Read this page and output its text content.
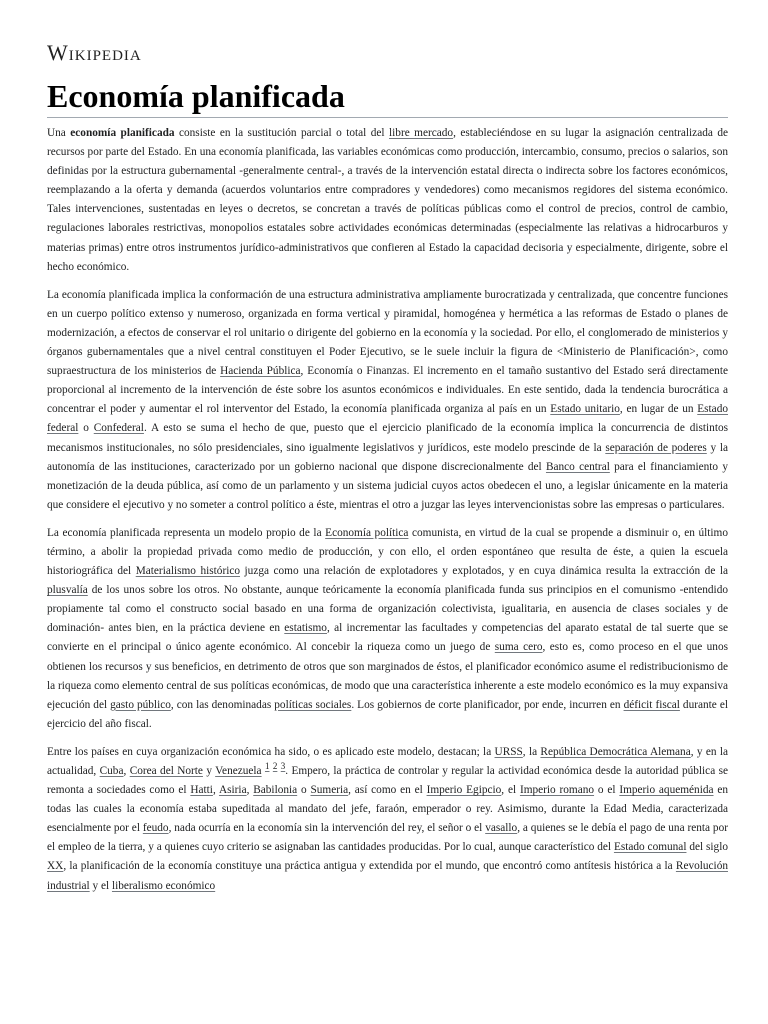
Wikipedia
Economía planificada

Una economía planificada consiste en la sustitución parcial o total del libre mercado, estableciéndose en su lugar la asignación centralizada de recursos por parte del Estado. En una economía planificada, las variables económicas como producción, intercambio, consumo, precios o salarios, son definidas por la estructura gubernamental -generalmente central-, a través de la intervención estatal directa o indirecta sobre los factores económicos, reemplazando a la oferta y demanda (acuerdos voluntarios entre compradores y vendedores) como mecanismos regidores del sistema económico. Tales intervenciones, sustentadas en leyes o decretos, se concretan a través de políticas públicas como el control de precios, control de cambio, regulaciones laborales restrictivas, monopolios estatales sobre actividades económicas determinadas (especialmente las relativas a hidrocarburos y materias primas) entre otros instrumentos jurídico-administrativos que confieren al Estado la capacidad decisoria y especialmente, dirigente, sobre el hecho económico.

La economía planificada implica la conformación de una estructura administrativa ampliamente burocratizada y centralizada, que concentre funciones en un cuerpo político extenso y numeroso, organizada en forma vertical y piramidal, homogénea y hermética a las reformas de Estado o planes de modernización, a efectos de conservar el rol unitario o dirigente del gobierno en la economía y la sociedad. Por ello, el conglomerado de ministerios y órganos gubernamentales que a nivel central constituyen el Poder Ejecutivo, se le suele incluir la figura de <Ministerio de Planificación>, como supraestructura de los ministerios de Hacienda Pública, Economía o Finanzas. El incremento en el tamaño sustantivo del Estado será directamente proporcional al incremento de la intervención de éste sobre los asuntos económicos e individuales. En este sentido, dada la tendencia burocrática a concentrar el poder y aumentar el rol interventor del Estado, la economía planificada organiza al país en un Estado unitario, en lugar de un Estado federal o Confederal. A esto se suma el hecho de que, puesto que el ejercicio planificado de la economía implica la concurrencia de distintos mecanismos institucionales, no sólo presidenciales, sino igualmente legislativos y jurídicos, este modelo prescinde de la separación de poderes y la autonomía de las instituciones, caracterizado por un gobierno nacional que dispone discrecionalmente del Banco central para el financiamiento y monetización de la deuda pública, así como de un parlamento y un sistema judicial cuyos actos obedecen el uno, a legislar únicamente en la materia que considere el ejecutivo y no someter a control político a éste, mientras el otro a juzgar las leyes intervencionistas sobre las empresas o particulares.

La economía planificada representa un modelo propio de la Economía política comunista, en virtud de la cual se propende a disminuir o, en último término, a abolir la propiedad privada como medio de producción, y con ello, el orden espontáneo que resulta de éste, a quien la escuela historiográfica del Materialismo histórico juzga como una relación de explotadores y explotados, y en cuya dinámica resulta la extracción de la plusvalía de los unos sobre los otros. No obstante, aunque teóricamente la economía planificada funda sus principios en el comunismo -entendido propiamente tal como el constructo social basado en una forma de organización colectivista, igualitaria, en ausencia de clases sociales y de dominación- antes bien, en la práctica deviene en estatismo, al incrementar las facultades y competencias del aparato estatal de tal suerte que se convierte en el principal o único agente económico. Al concebir la riqueza como un juego de suma cero, esto es, como proceso en el que unos obtienen los recursos y sus beneficios, en detrimento de otros que son marginados de éstos, el planificador económico asume el redistribucionismo de la riqueza como elemento central de sus políticas económicas, de modo que una característica inherente a este modelo económico es la muy expansiva ejecución del gasto público, con las denominadas políticas sociales. Los gobiernos de corte planificador, por ende, incurren en déficit fiscal durante el ejercicio del año fiscal.

Entre los países en cuya organización económica ha sido, o es aplicado este modelo, destacan; la URSS, la República Democrática Alemana, y en la actualidad, Cuba, Corea del Norte y Venezuela $^1$ $^2$ $^3$. Empero, la práctica de controlar y regular la actividad económica desde la autoridad pública se remonta a sociedades como el Hatti, Asiria, Babilonia o Sumeria, así como en el Imperio Egipcio, el Imperio romano o el Imperio aqueménida en todas las cuales la economía estaba supeditada al mandato del jefe, faraón, emperador o rey. Asimismo, durante la Edad Media, caracterizada esencialmente por el feudo, nada ocurría en la economía sin la intervención del rey, el señor o el vasallo, a quienes se le debía el pago de una renta por el empleo de la tierra, y a quienes cuyo criterio se asignaban las cantidades producidas. Por lo cual, aunque característico del Estado comunal del siglo XX, la planificación de la economía constituye una práctica antigua y extendida por el mundo, que encontró como antítesis histórica a la Revolución industrial y el liberalismo económico
